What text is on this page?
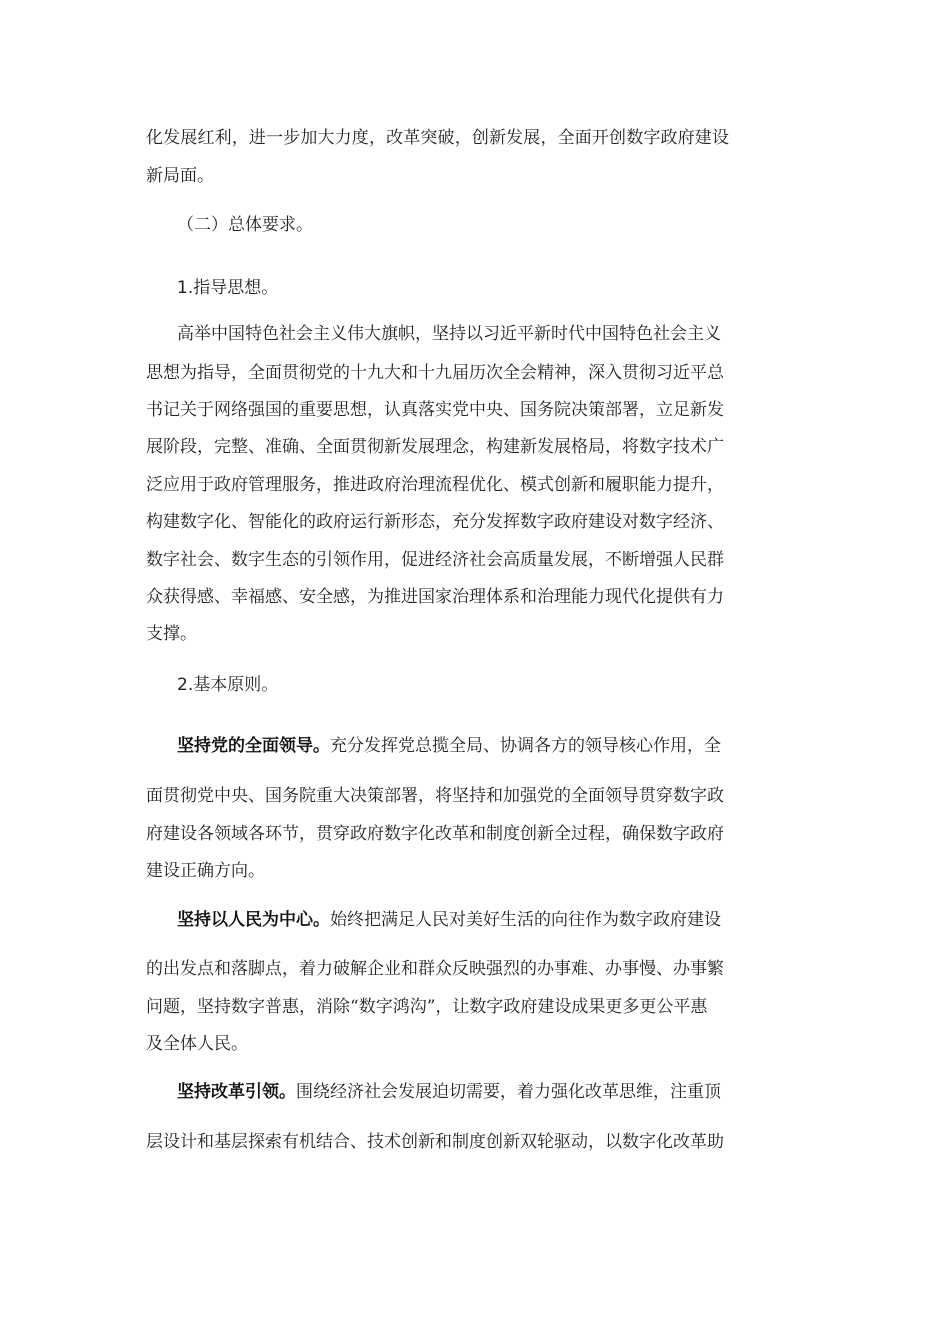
化发展红利，进一步加大力度，改革突破，创新发展，全面开创数字政府建设
新局面。
（二）总体要求。
1.指导思想。
高举中国特色社会主义伟大旗帜，坚持以习近平新时代中国特色社会主义
思想为指导，全面贯彻党的十九大和十九届历次全会精神，深入贯彻习近平总
书记关于网络强国的重要思想，认真落实党中央、国务院决策部署，立足新发
展阶段，完整、准确、全面贯彻新发展理念，构建新发展格局，将数字技术广
泛应用于政府管理服务，推进政府治理流程优化、模式创新和履职能力提升，
构建数字化、智能化的政府运行新形态，充分发挥数字政府建设对数字经济、
数字社会、数字生态的引领作用，促进经济社会高质量发展，不断增强人民群
众获得感、幸福感、安全感，为推进国家治理体系和治理能力现代化提供有力
支撑。
2.基本原则。
坚持党的全面领导。充分发挥党总揽全局、协调各方的领导核心作用，全
面贯彻党中央、国务院重大决策部署，将坚持和加强党的全面领导贯穿数字政
府建设各领域各环节，贯穿政府数字化改革和制度创新全过程，确保数字政府
建设正确方向。
坚持以人民为中心。始终把满足人民对美好生活的向往作为数字政府建设
的出发点和落脚点，着力破解企业和群众反映强烈的办事难、办事慢、办事繁
问题，坚持数字普惠，消除“数字鸿沟”，让数字政府建设成果更多更公平惠
及全体人民。
坚持改革引领。围绕经济社会发展迫切需要，着力强化改革思维，注重顶
层设计和基层探索有机结合、技术创新和制度创新双轮驱动，以数字化改革助
